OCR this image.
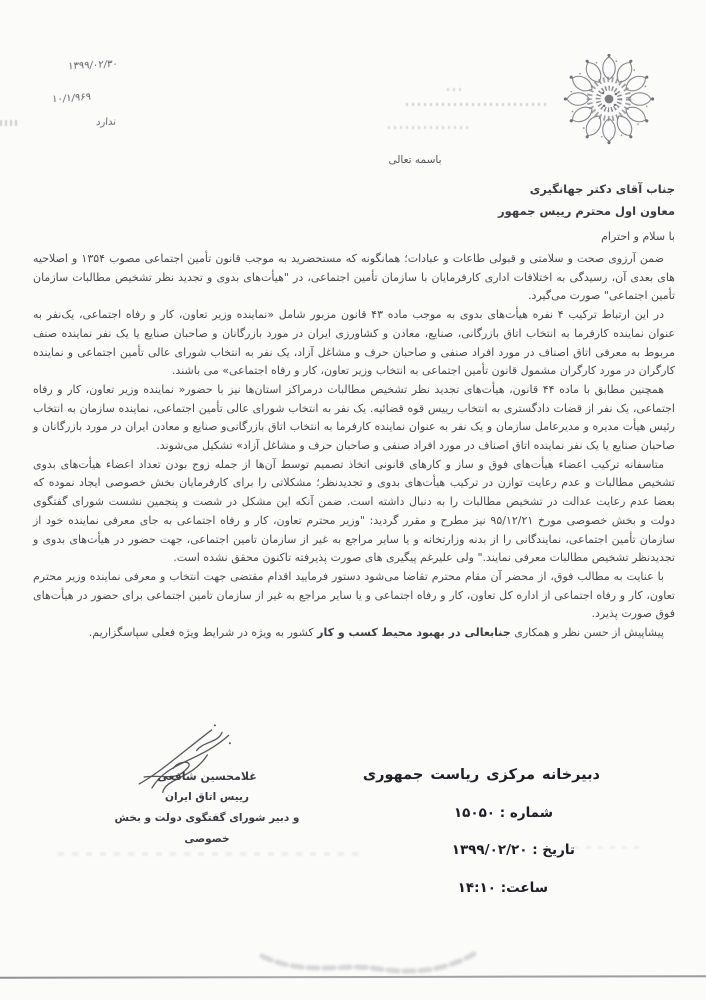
۱۳۹۹/۰۲/۳۰
۱۰/۱/۹۶۹
ندارد
باسمه تعالی
جناب آقای دکتر جهانگیری
معاون اول محترم رییس جمهور
با سلام و احترام

ضمن آرزوی صحت و سلامتی و قبولی طاعات و عبادات؛ همانگونه که مستحضرید به موجب قانون تأمین اجتماعی مصوب ۱۳۵۴ و اصلاحیه های بعدی آن، رسیدگی به اختلافات اداری کارفرمایان با سازمان تأمین اجتماعی، در "هیأت‌های بدوی و تجدید نظر تشخیص مطالبات سازمان تأمین اجتماعی" صورت می‌گیرد.

در این ارتباط ترکیب ۴ نفره هیأت‌های بدوی به موجب ماده ۴۳ قانون مزبور شامل «نماینده وزیر تعاون، کار و رفاه اجتماعی، یک‌نفر به عنوان نماینده کارفرما به انتخاب اتاق بازرگانی، صنایع، معادن و کشاورزی ایران در مورد بازرگانان و صاحبان صنایع یا یک نفر نماینده صنف مربوط به معرفی اتاق اصناف در مورد افراد صنفی و صاحبان حرف و مشاغل آزاد، یک نفر به انتخاب شورای عالی تأمین اجتماعی و نماینده کارگران در مورد کارگران مشمول قانون تأمین اجتماعی به انتخاب وزیر تعاون، کار و رفاه اجتماعی» می باشند.

همچنین مطابق با ماده ۴۴ قانون، هیأت‌های تجدید نظر تشخیص مطالبات درمراکز استان‌ها نیز با حضور« نماینده وزیر تعاون، کار و رفاه اجتماعی، یک نفر از قضات دادگستری به انتخاب رییس قوه قضائیه. یک نفر به انتخاب شورای عالی تأمین اجتماعی، نماینده سازمان به انتخاب رئیس هیأت مدیره و مدیرعامل سازمان و یک نفر به عنوان نماینده کارفرما به انتخاب اتاق بازرگانی‌و صنایع و معادن ایران در مورد بازرگانان و صاحبان صنایع یا یک نفر نماینده اتاق اصناف در مورد افراد صنفی و صاحبان حرف و مشاغل آزاد» تشکیل می‌شوند.

متاسفانه ترکیب اعضاء هیأت‌های فوق و ساز و کارهای قانونی اتخاذ تصمیم توسط آن‌ها از جمله زوج بودن تعداد اعضاء هیأت‌های بدوی تشخیص مطالبات و عدم رعایت توازن در ترکیب هیأت‌های بدوی و تجدیدنظر؛ مشکلاتی را برای کارفرمایان بخش خصوصی ایجاد نموده که بعضا عدم رعایت عدالت در تشخیص مطالبات را به دنبال داشته است. ضمن آنکه این مشکل در شصت و پنجمین نشست شورای گفتگوی دولت و بخش خصوصی مورخ ۹۵/۱۲/۲۱ نیز مطرح و مقرر گردید: "وزیر محترم تعاون، کار و رفاه اجتماعی به جای معرفی نماینده خود از سازمان تأمین اجتماعی، نمایندگانی را از بدنه وزارتخانه و یا سایر مراجع به غیر از سازمان تامین اجتماعی، جهت حضور در هیأت‌های بدوی و تجدیدنظر تشخیص مطالبات معرفی نمایند." ولی علیرغم پیگیری های صورت پذیرفته تاکنون محقق نشده است.

با عنایت به مطالب فوق، از محضر آن مقام محترم تقاضا می‌شود دستور فرمایید اقدام مقتضی جهت انتخاب و معرفی نماینده وزیر محترم تعاون، کار و رفاه اجتماعی از اداره کل تعاون، کار و رفاه اجتماعی و یا سایر مراجع به غیر از سازمان تامین اجتماعی برای حضور در هیأت‌های فوق صورت پذیرد.

پیشاپیش از حسن نظر و همکاری جنابعالی در بهبود محیط کسب و کار کشور به ویژه در شرایط ویژه فعلی سپاسگزاریم.

غلامحسین شافعی
رییس اتاق ایران
و دبیر شورای گفتگوی دولت و بخش خصوصی
دبیرخانه مرکزی ریاست جمهوری
شماره : ۱۵۰۵۰
تاریخ : ۱۳۹۹/۰۲/۲۰
ساعت: ۱۴:۱۰
